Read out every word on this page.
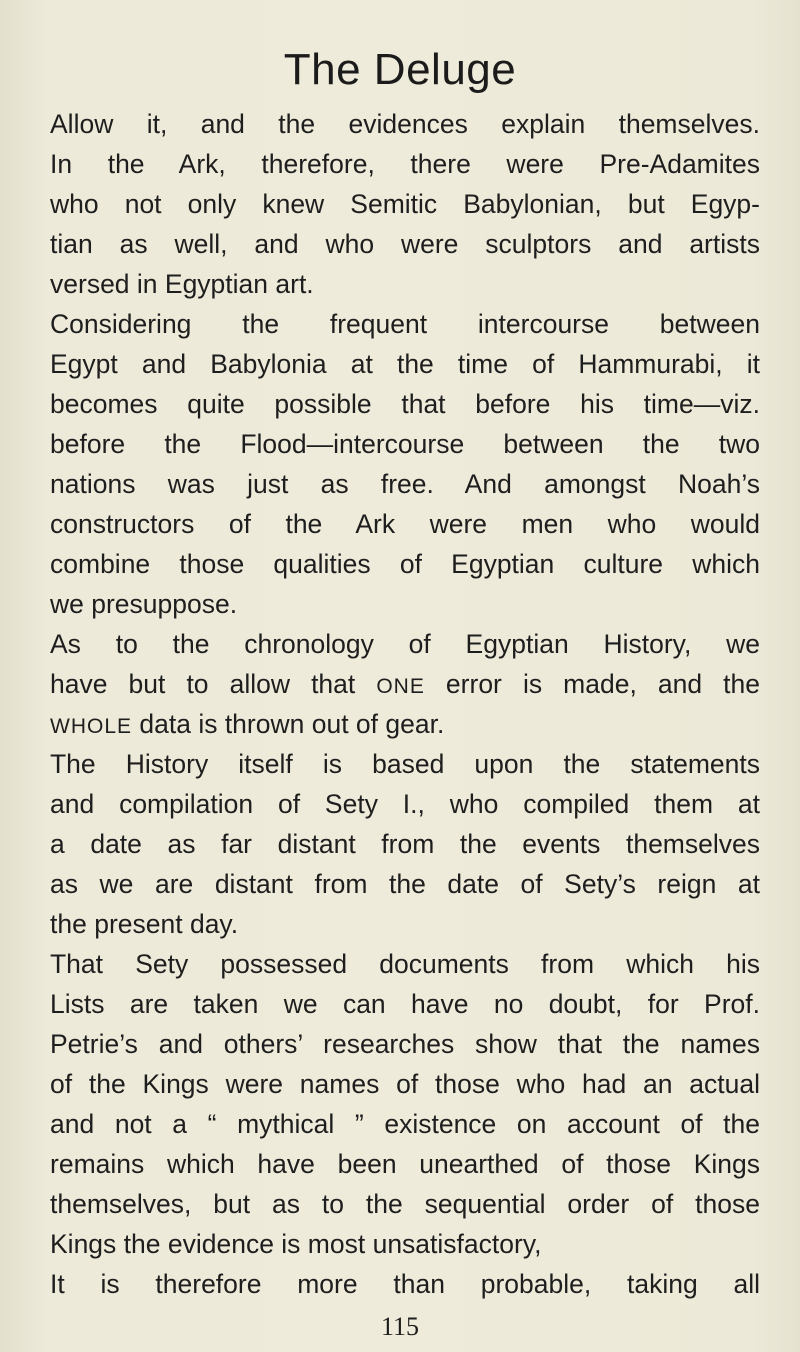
The Deluge
Allow it, and the evidences explain themselves.
In the Ark, therefore, there were Pre-Adamites
who not only knew Semitic Babylonian, but Egyp-
tian as well, and who were sculptors and artists
versed in Egyptian art.
Considering the frequent intercourse between
Egypt and Babylonia at the time of Hammurabi, it
becomes quite possible that before his time—viz.
before the Flood—intercourse between the two
nations was just as free. And amongst Noah’s
constructors of the Ark were men who would
combine those qualities of Egyptian culture which
we presuppose.
As to the chronology of Egyptian History, we
have but to allow that ONE error is made, and the
WHOLE data is thrown out of gear.
The History itself is based upon the statements
and compilation of Sety I., who compiled them at
a date as far distant from the events themselves
as we are distant from the date of Sety’s reign at
the present day.
That Sety possessed documents from which his
Lists are taken we can have no doubt, for Prof.
Petrie’s and others’ researches show that the names
of the Kings were names of those who had an actual
and not a “ mythical ” existence on account of the
remains which have been unearthed of those Kings
themselves, but as to the sequential order of those
Kings the evidence is most unsatisfactory,
It is therefore more than probable, taking all
115
